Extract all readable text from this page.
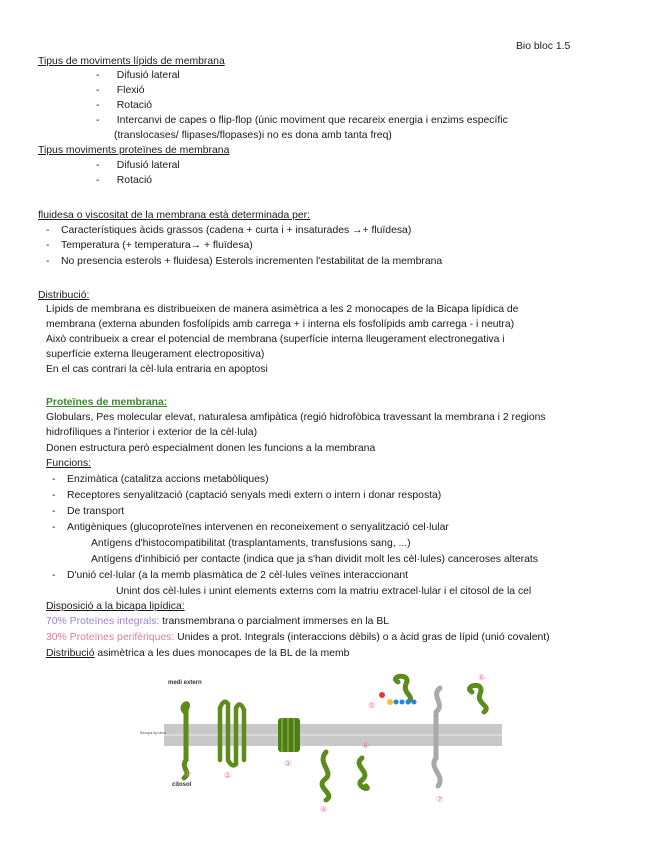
Bio bloc 1.5
Tipus de moviments lípids de membrana
-      Difusió lateral
-      Flexió
-      Rotació
-      Intercanvi de capes o flip-flop (únic moviment que recareix energia i enzims específic
(translocases/ flipases/flopases)i no es dona amb tanta freq)
Tipus moviments proteïnes de membrana
-      Difusió lateral
-      Rotació
fluidesa o viscositat de la membrana està determinada per:
-    Característiques àcids grassos (cadena + curta i + insaturades →+ fluïdesa)
-    Temperatura (+ temperatura→ + fluïdesa)
-    No presencia esterols + fluidesa) Esterols incrementen l'estabilitat de la membrana
Distribució:
Lípids de membrana es distribueixen de manera asimètrica a les 2 monocapes de la Bicapa lipídica de
membrana (externa abunden fosfolípids amb carrega + i interna els fosfolípids amb carrega - i neutra)
Això contribueix a crear el potencial de membrana (superfície interna lleugerament electronegativa i
superfície externa lleugerament electropositiva)
En el cas contrari la cèl·lula entraria en apoptosi
Proteïnes de membrana:
Globulars, Pes molecular elevat, naturalesa amfipàtica (regió hidrofòbica travessant la membrana i 2 regions
hidrofíliques a l'interior i exterior de la cèl·lula)
Donen estructura però especialment donen les funcions a la membrana
Funcions:
-    Enzimàtica (catalitza accions metabòliques)
-    Receptores senyalització (captació senyals medi extern o intern i donar resposta)
-    De transport
-    Antigèniques (glucoproteïnes intervenen en reconeixement o senyalització cel·lular
Antígens d'histocompatibilitat (trasplantaments, transfusions sang, ...)
Antígens d'inhibició per contacte (indica que ja s'han dividit molt les cèl·lules) canceroses alterats
-    D'unió cel·lular (a la memb plasmàtica de 2 cèl·lules veïnes interaccionant
Unint dos cèl·lules i unint elements externs com la matriu extracel·lular i el citosol de la cel
Disposició a la bicapa lipídica:
70% Proteïnes integrals: transmembrana o parcialment immerses en la BL
30% Proteïnes perifèriques: Unides a prot. Integrals (interaccions dèbils) o a àcid gras de lípid (unió covalent)
Distribució asimètrica a les dues monocapes de la BL de la memb
Bicapa lipídica
medi extern
citosol
①	②
③
④
⑤
⑥
⑦
⑧
